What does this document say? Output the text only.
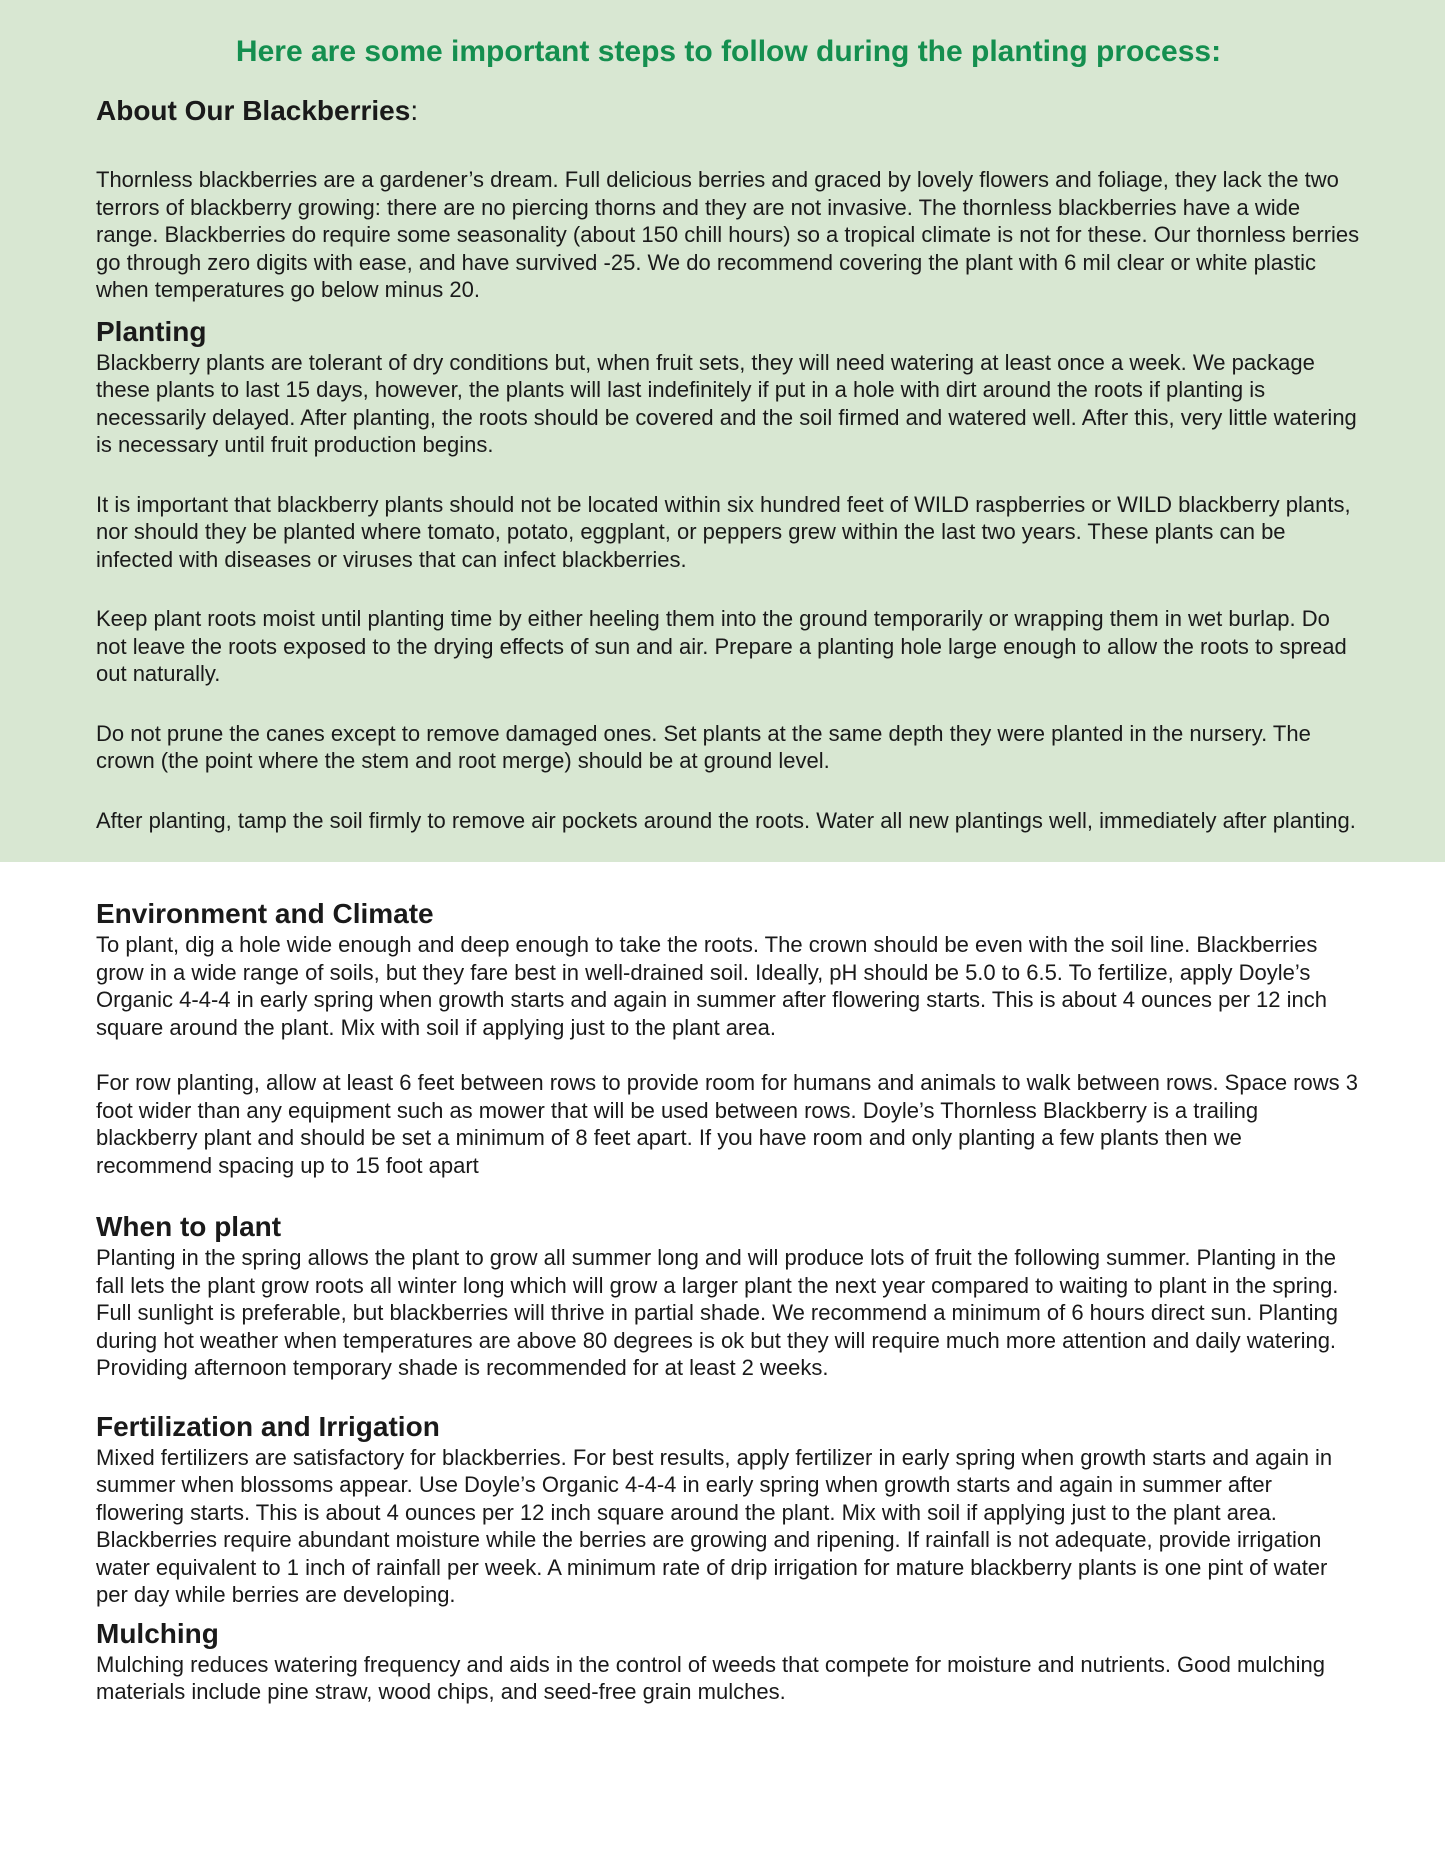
Here are some important steps to follow during the planting process:
About Our Blackberries:

Thornless blackberries are a gardener’s dream. Full delicious berries and graced by lovely flowers and foliage, they lack the two terrors of blackberry growing: there are no piercing thorns and they are not invasive. The thornless blackberries have a wide range. Blackberries do require some seasonality (about 150 chill hours) so a tropical climate is not for these. Our thornless berries go through zero digits with ease, and have survived -25. We do recommend covering the plant with 6 mil clear or white plastic when temperatures go below minus 20.

Planting

Blackberry plants are tolerant of dry conditions but, when fruit sets, they will need watering at least once a week. We package these plants to last 15 days, however, the plants will last indefinitely if put in a hole with dirt around the roots if planting is necessarily delayed. After planting, the roots should be covered and the soil firmed and watered well. After this, very little watering is necessary until fruit production begins.

It is important that blackberry plants should not be located within six hundred feet of WILD raspberries or WILD blackberry plants, nor should they be planted where tomato, potato, eggplant, or peppers grew within the last two years. These plants can be infected with diseases or viruses that can infect blackberries.

Keep plant roots moist until planting time by either heeling them into the ground temporarily or wrapping them in wet burlap. Do not leave the roots exposed to the drying effects of sun and air. Prepare a planting hole large enough to allow the roots to spread out naturally.

Do not prune the canes except to remove damaged ones. Set plants at the same depth they were planted in the nursery. The crown (the point where the stem and root merge) should be at ground level.

After planting, tamp the soil firmly to remove air pockets around the roots. Water all new plantings well, immediately after planting.

Environment and Climate

To plant, dig a hole wide enough and deep enough to take the roots. The crown should be even with the soil line. Blackberries grow in a wide range of soils, but they fare best in well-drained soil. Ideally, pH should be 5.0 to 6.5. To fertilize, apply Doyle’s Organic 4-4-4 in early spring when growth starts and again in summer after flowering starts. This is about 4 ounces per 12 inch square around the plant. Mix with soil if applying just to the plant area.

For row planting, allow at least 6 feet between rows to provide room for humans and animals to walk between rows. Space rows 3 foot wider than any equipment such as mower that will be used between rows. Doyle’s Thornless Blackberry is a trailing blackberry plant and should be set a minimum of 8 feet apart. If you have room and only planting a few plants then we recommend spacing up to 15 foot apart

When to plant

Planting in the spring allows the plant to grow all summer long and will produce lots of fruit the following summer. Planting in the fall lets the plant grow roots all winter long which will grow a larger plant the next year compared to waiting to plant in the spring. Full sunlight is preferable, but blackberries will thrive in partial shade. We recommend a minimum of 6 hours direct sun. Planting during hot weather when temperatures are above 80 degrees is ok but they will require much more attention and daily watering. Providing afternoon temporary shade is recommended for at least 2 weeks.

Fertilization and Irrigation

Mixed fertilizers are satisfactory for blackberries. For best results, apply fertilizer in early spring when growth starts and again in summer when blossoms appear. Use Doyle’s Organic 4-4-4 in early spring when growth starts and again in summer after flowering starts. This is about 4 ounces per 12 inch square around the plant. Mix with soil if applying just to the plant area. Blackberries require abundant moisture while the berries are growing and ripening. If rainfall is not adequate, provide irrigation water equivalent to 1 inch of rainfall per week. A minimum rate of drip irrigation for mature blackberry plants is one pint of water per day while berries are developing.

Mulching

Mulching reduces watering frequency and aids in the control of weeds that compete for moisture and nutrients. Good mulching materials include pine straw, wood chips, and seed-free grain mulches.
